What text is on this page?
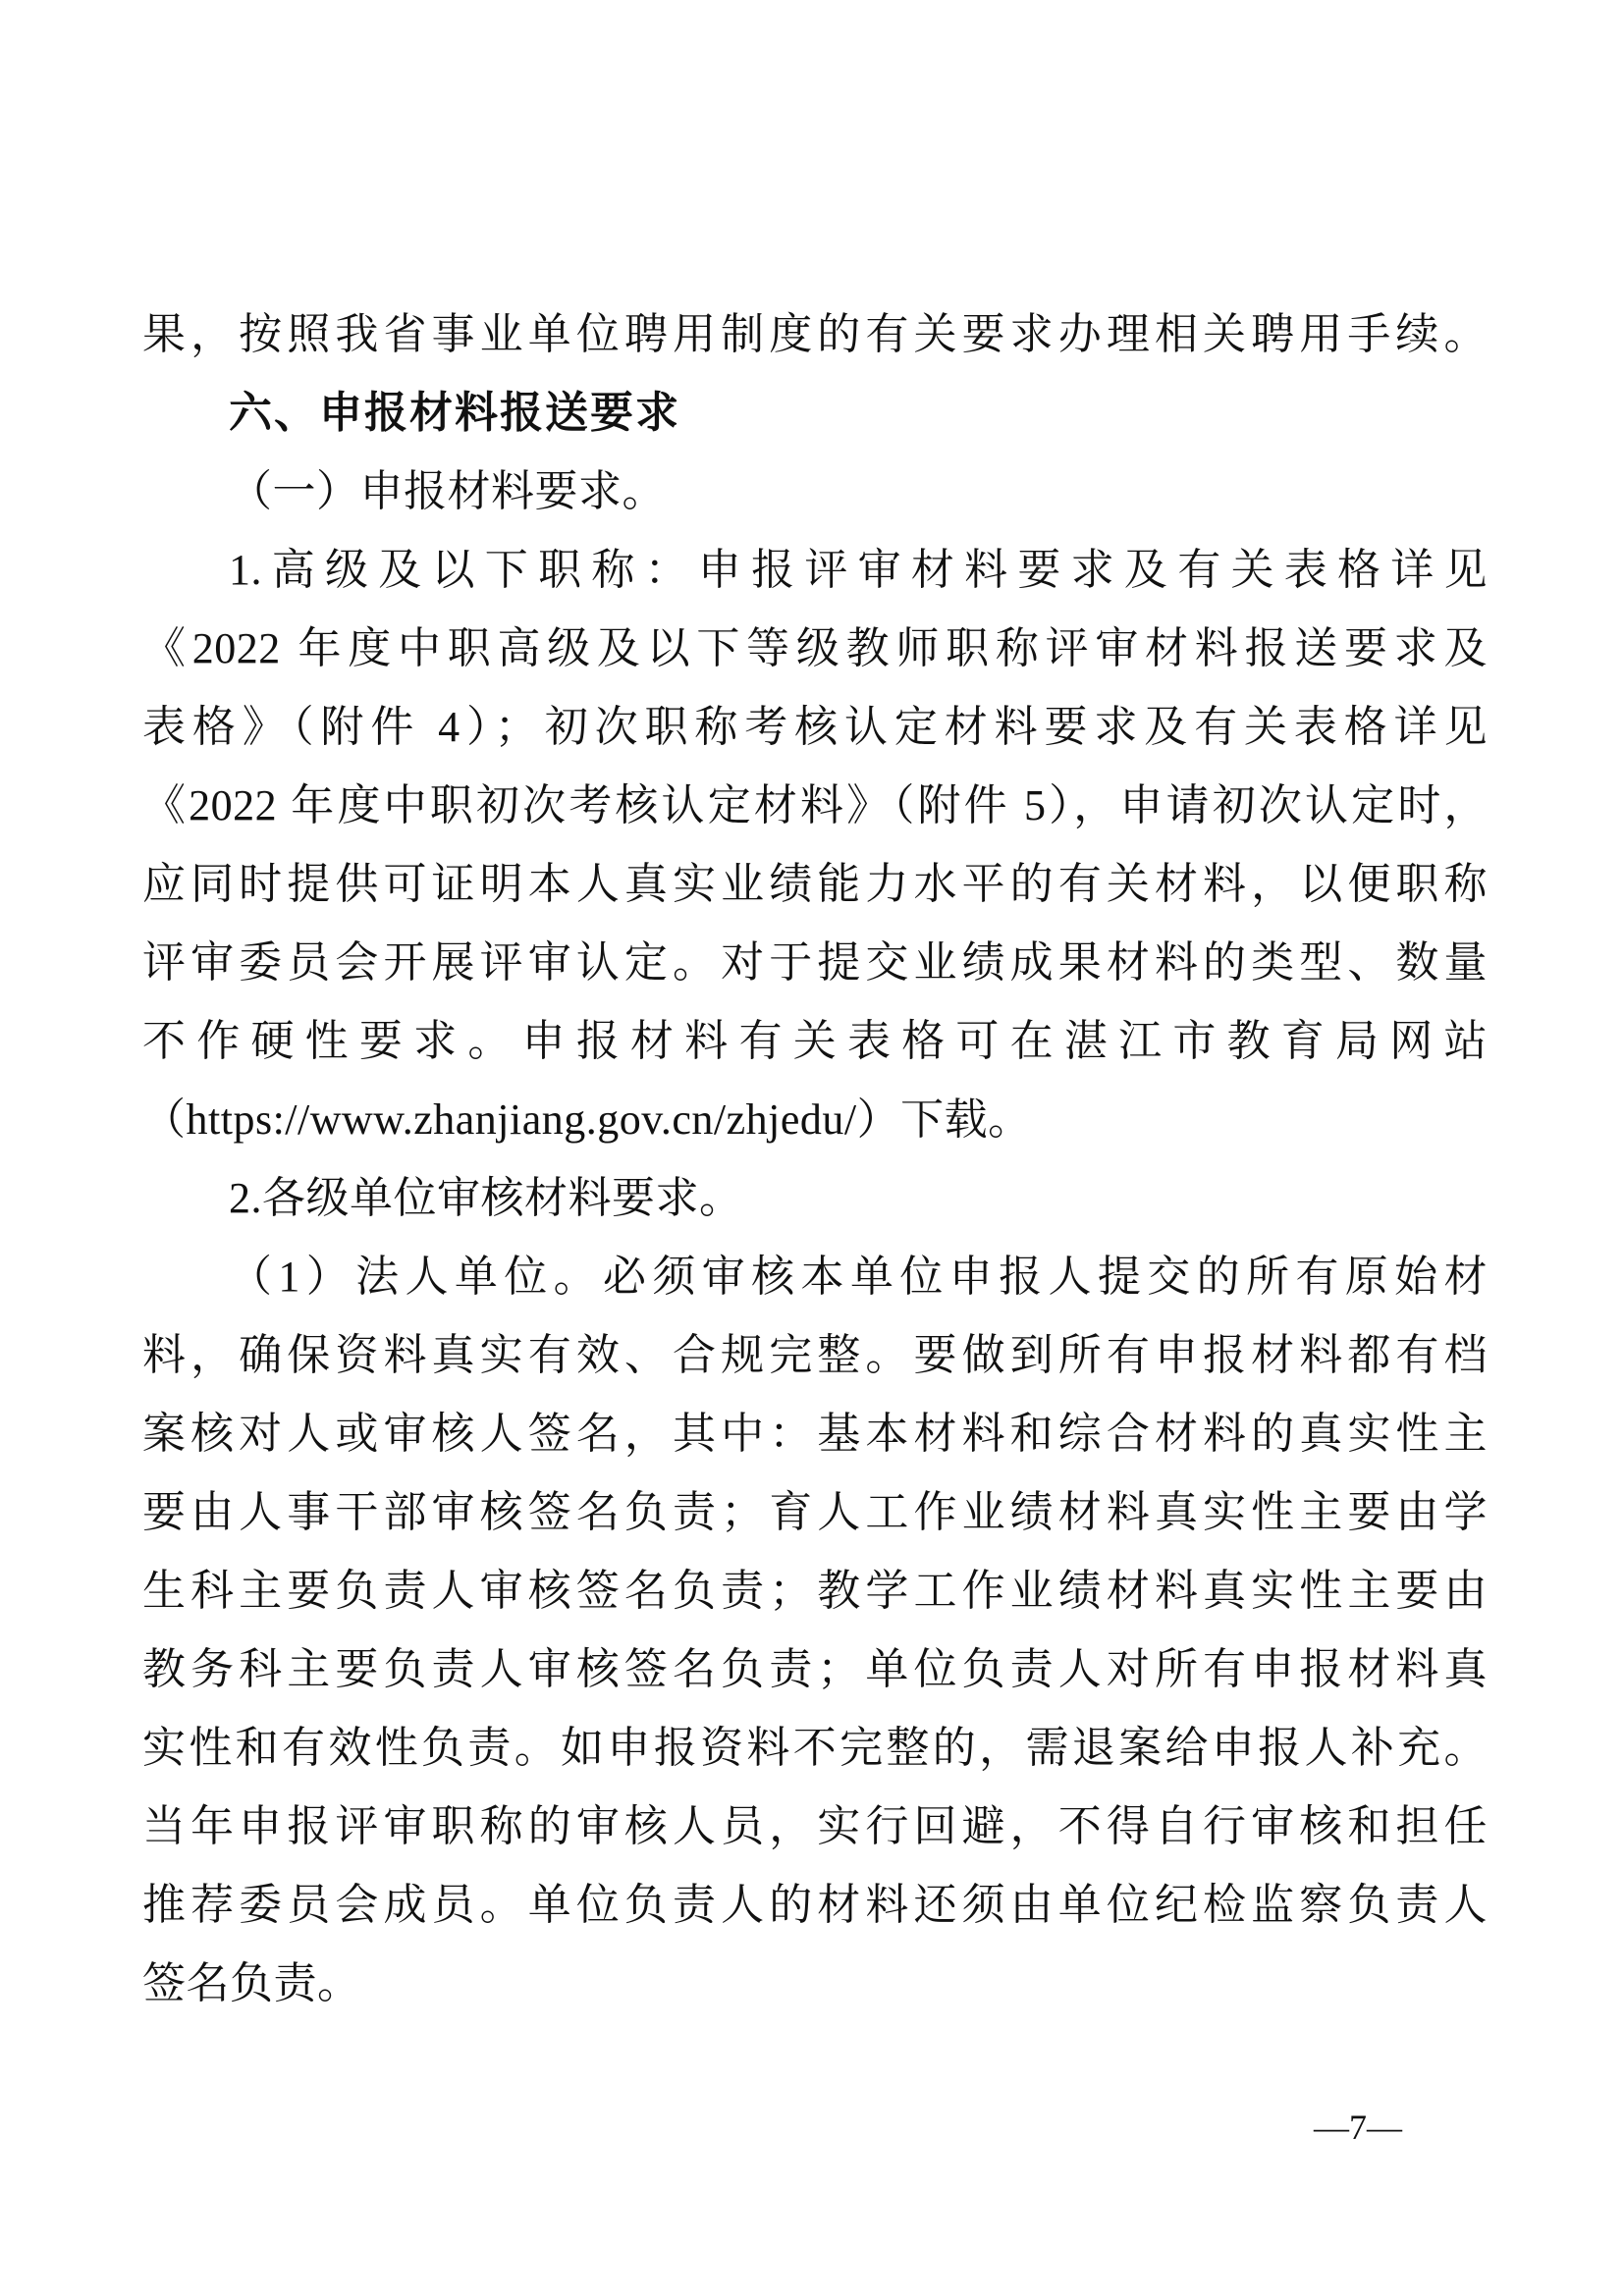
果，按照我省事业单位聘用制度的有关要求办理相关聘用手续。
六、申报材料报送要求
（一）申报材料要求。
1.高级及以下职称：申报评审材料要求及有关表格详见
《2022 年度中职高级及以下等级教师职称评审材料报送要求及
表格》（附件 4）；初次职称考核认定材料要求及有关表格详见
《2022 年度中职初次考核认定材料》（附件 5），申请初次认定时，
应同时提供可证明本人真实业绩能力水平的有关材料，以便职称
评审委员会开展评审认定。对于提交业绩成果材料的类型、数量
不作硬性要求。申报材料有关表格可在湛江市教育局网站
（https://www.zhanjiang.gov.cn/zhjedu/）下载。
2.各级单位审核材料要求。
（1）法人单位。必须审核本单位申报人提交的所有原始材
料，确保资料真实有效、合规完整。要做到所有申报材料都有档
案核对人或审核人签名，其中：基本材料和综合材料的真实性主
要由人事干部审核签名负责；育人工作业绩材料真实性主要由学
生科主要负责人审核签名负责；教学工作业绩材料真实性主要由
教务科主要负责人审核签名负责；单位负责人对所有申报材料真
实性和有效性负责。如申报资料不完整的，需退案给申报人补充。
当年申报评审职称的审核人员，实行回避，不得自行审核和担任
推荐委员会成员。单位负责人的材料还须由单位纪检监察负责人
签名负责。
—7—
